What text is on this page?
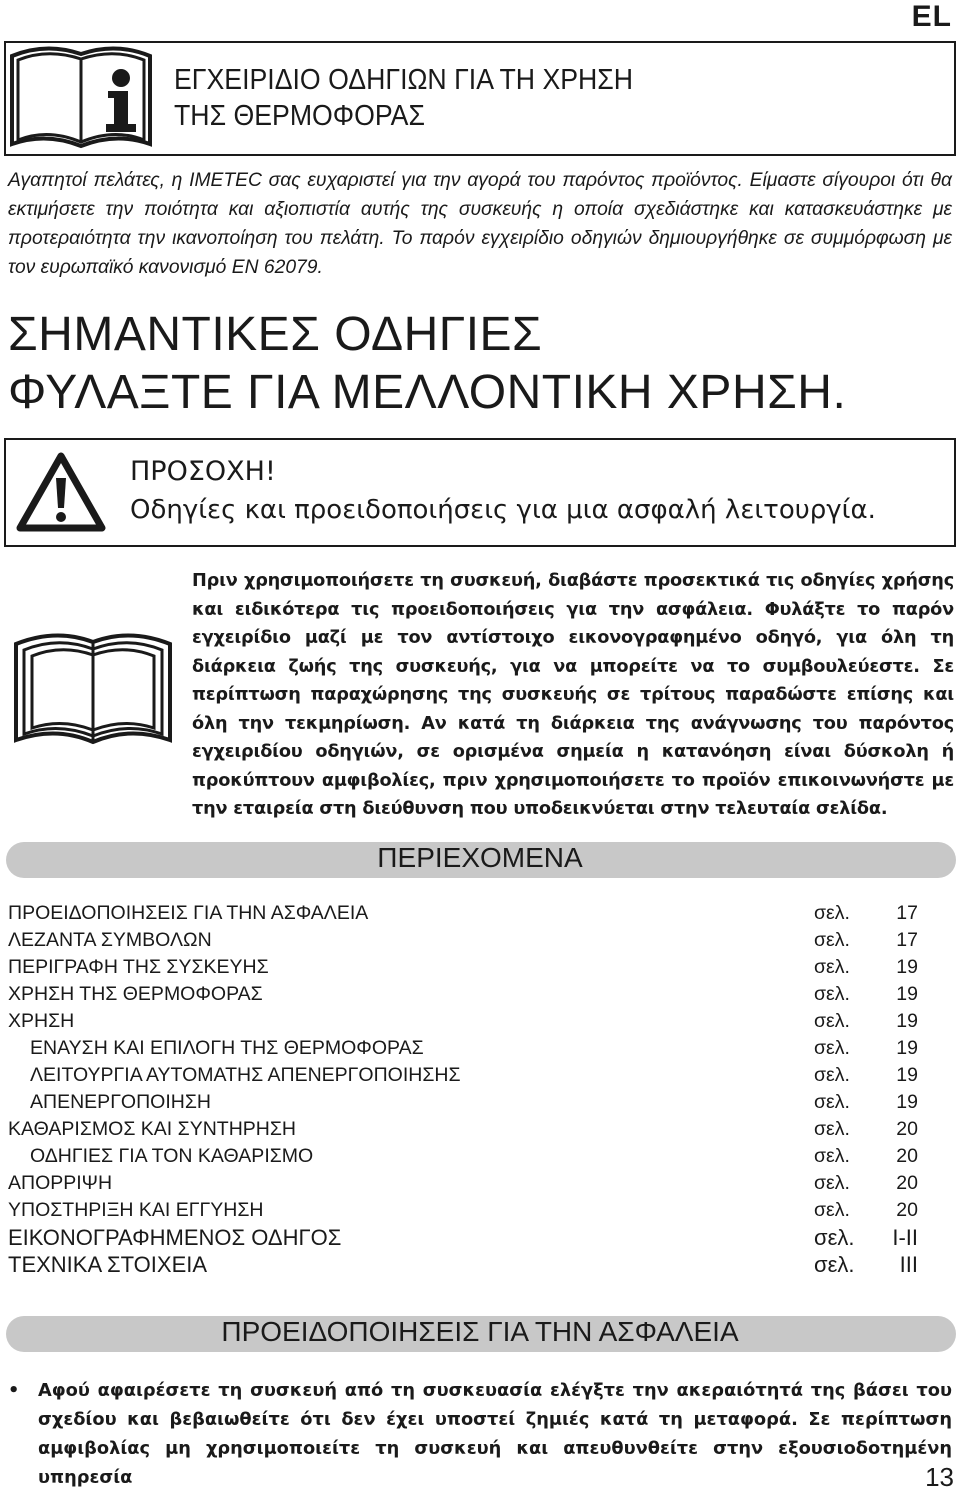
EL
ΕΓΧΕΙΡΙΔΙΟ ΟΔΗΓΙΩΝ ΓΙΑ ΤΗ ΧΡΗΣΗ
ΤΗΣ ΘΕΡΜΟΦΟΡΑΣ
Αγαπητοί πελάτες, η IMETEC σας ευχαριστεί για την αγορά του παρόντος προϊόντος. Είμαστε σίγουροι ότι θα εκτιμήσετε την ποιότητα και αξιοπιστία αυτής της συσκευής η οποία σχεδιάστηκε και κατασκευάστηκε με προτεραιότητα την ικανοποίηση του πελάτη. Το παρόν εγχειρίδιο οδηγιών δημιουργήθηκε σε συμμόρφωση με τον ευρωπαϊκό κανονισμό EN 62079.
ΣΗΜΑΝΤΙΚΕΣ ΟΔΗΓΙΕΣ
ΦΥΛΑΞΤΕ ΓΙΑ ΜΕΛΛΟΝΤΙΚΗ ΧΡΗΣΗ.
ΠΡΟΣΟΧΗ!
Οδηγίες και προειδοποιήσεις για μια ασφαλή λειτουργία.
Πριν χρησιμοποιήσετε τη συσκευή, διαβάστε προσεκτικά τις οδηγίες χρήσης και ειδικότερα τις προειδοποιήσεις για την ασφάλεια. Φυλάξτε το παρόν εγχειρίδιο μαζί με τον αντίστοιχο εικονογραφημένο οδηγό, για όλη τη διάρκεια ζωής της συσκευής, για να μπορείτε να το συμβουλεύεστε. Σε περίπτωση παραχώρησης της συσκευής σε τρίτους παραδώστε επίσης και όλη την τεκμηρίωση. Αν κατά τη διάρκεια της ανάγνωσης του παρόντος εγχειριδίου οδηγιών, σε ορισμένα σημεία η κατανόηση είναι δύσκολη ή προκύπτουν αμφιβολίες, πριν χρησιμοποιήσετε το προϊόν επικοινωνήστε με την εταιρεία στη διεύθυνση που υποδεικνύεται στην τελευταία σελίδα.
ΠΕΡΙΕΧΟΜΕΝΑ
ΠΡΟΕΙΔΟΠΟΙΗΣΕΙΣ ΓΙΑ ΤΗΝ ΑΣΦΑΛΕΙΑ	σελ.	17
ΛΕΖΑΝΤΑ ΣΥΜΒΟΛΩΝ	σελ.	17
ΠΕΡΙΓΡΑΦΗ ΤΗΣ ΣΥΣΚΕΥΗΣ	σελ.	19
ΧΡΗΣΗ ΤΗΣ ΘΕΡΜΟΦΟΡΑΣ	σελ.	19
ΧΡΗΣΗ	σελ.	19
ΕΝΑΥΣΗ ΚΑΙ ΕΠΙΛΟΓΗ ΤΗΣ ΘΕΡΜΟΦΟΡΑΣ	σελ.	19
ΛΕΙΤΟΥΡΓΙΑ ΑΥΤΟΜΑΤΗΣ ΑΠΕΝΕΡΓΟΠΟΙΗΣΗΣ	σελ.	19
ΑΠΕΝΕΡΓΟΠΟΙΗΣΗ	σελ.	19
ΚΑΘΑΡΙΣΜΟΣ ΚΑΙ ΣΥΝΤΗΡΗΣΗ	σελ.	20
ΟΔΗΓΙΕΣ ΓΙΑ ΤΟΝ ΚΑΘΑΡΙΣΜΟ	σελ.	20
ΑΠΟΡΡΙΨΗ	σελ.	20
ΥΠΟΣΤΗΡΙΞΗ ΚΑΙ ΕΓΓΥΗΣΗ	σελ.	20
ΕΙΚΟΝΟΓΡΑΦΗΜΕΝΟΣ ΟΔΗΓΟΣ	σελ.	I-II
ΤΕΧΝΙΚΑ ΣΤΟΙΧΕΙΑ	σελ.	III
ΠΡΟΕΙΔΟΠΟΙΗΣΕΙΣ ΓΙΑ ΤΗΝ ΑΣΦΑΛΕΙΑ
• Αφού αφαιρέσετε τη συσκευή από τη συσκευασία ελέγξτε την ακεραιότητά της βάσει του σχεδίου και βεβαιωθείτε ότι δεν έχει υποστεί ζημιές κατά τη μεταφορά. Σε περίπτωση αμφιβολίας μη χρησιμοποιείτε τη συσκευή και απευθυνθείτε στην εξουσιοδοτημένη υπηρεσία	13
